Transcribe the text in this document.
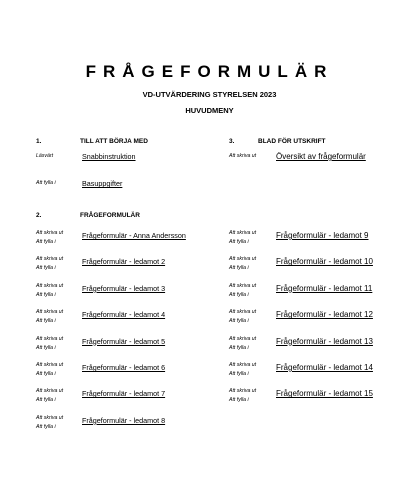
FRÅGEFORMULÄR
VD-UTVÄRDERING STYRELSEN 2023
HUVUDMENY
1.	TILL ATT BÖRJA MED
Läsvärt	Snabbinstruktion
Att fylla i	Basuppgifter
3.	BLAD FÖR UTSKRIFT
Att skriva ut Översikt av frågeformulär
2.	FRÅGEFORMULÄR
Att skriva ut
Att fylla i
Frågeformulär - Anna Andersson
Att skriva ut
Att fylla i
Frågeformulär - ledamot 2
Att skriva ut
Att fylla i
Frågeformulär - ledamot 3
Att skriva ut
Att fylla i
Frågeformulär - ledamot 4
Att skriva ut
Att fylla i
Frågeformulär - ledamot 5
Att skriva ut
Att fylla i
Frågeformulär - ledamot 6
Att skriva ut
Att fylla i
Frågeformulär - ledamot 7
Att skriva ut
Att fylla i
Frågeformulär - ledamot 8
Att skriva ut
Att fylla i
Frågeformulär - ledamot 9
Att skriva ut
Att fylla i
Frågeformulär - ledamot 10
Att skriva ut
Att fylla i
Frågeformulär - ledamot 11
Att skriva ut
Att fylla i
Frågeformulär - ledamot 12
Att skriva ut
Att fylla i
Frågeformulär - ledamot 13
Att skriva ut
Att fylla i
Frågeformulär - ledamot 14
Att skriva ut
Att fylla i
Frågeformulär - ledamot 15
